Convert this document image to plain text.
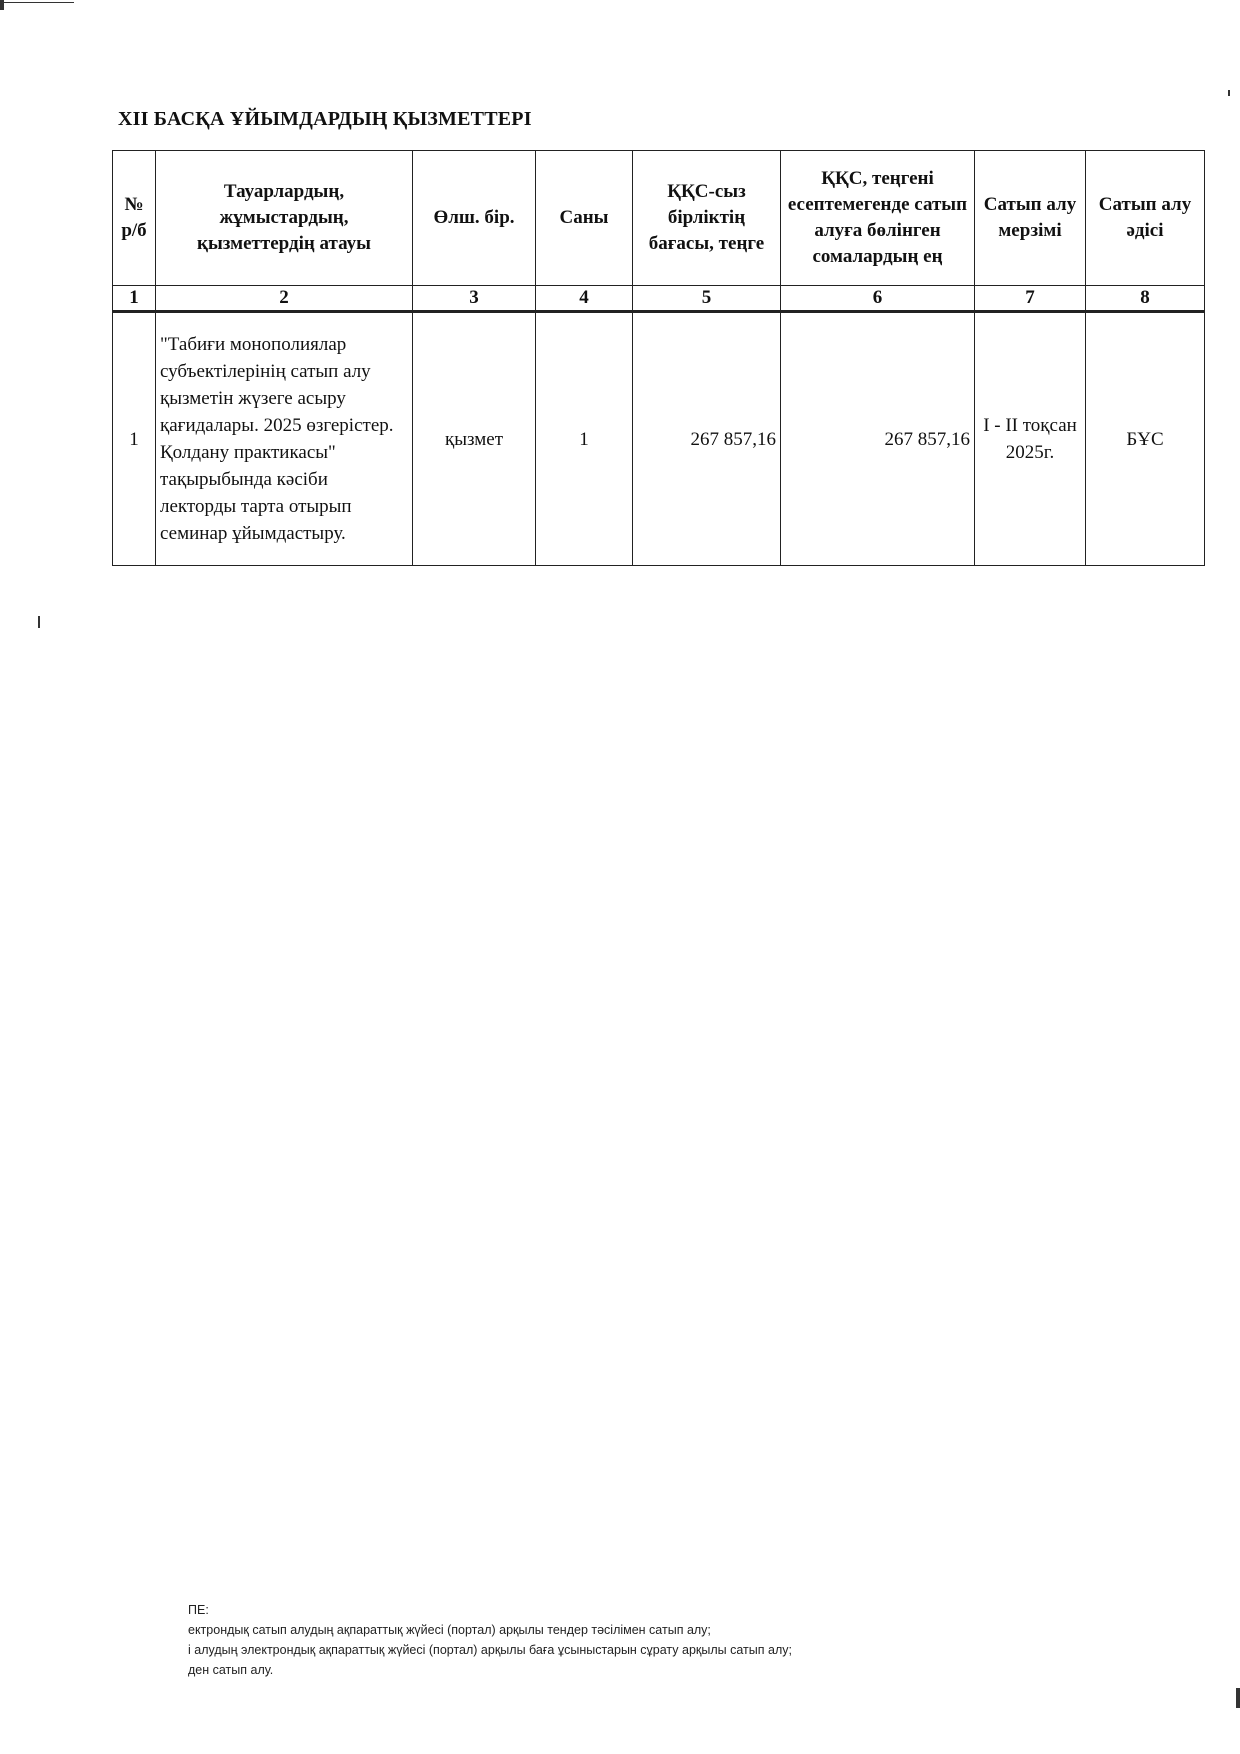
XII БАСҚА ҰЙЫМДАРДЫҢ ҚЫЗМЕТТЕРІ
№ р/б	Тауарлардың, жұмыстардың, қызметтердің атауы	Өлш. бір.	Саны	ҚҚС-сыз бірліктің бағасы, теңге	ҚҚС, теңгені есептемегенде сатып алуға бөлінген сомалардың ең	Сатып алу мерзімі	Сатып алу әдісі

1	2	3	4	5	6	7	8
1	"Табиғи монополиялар субъектілерінің сатып алу қызметін жүзеге асыру қағидалары. 2025 өзгерістер. Қолдану практикасы" тақырыбында кәсіби лекторды тарта отырып семинар ұйымдастыру.	қызмет	1	267 857,16	267 857,16	I - II тоқсан 2025г.	БҰС
ПЕ:
ектрондық сатып алудың ақпараттық жүйесі (портал) арқылы тендер тәсілімен сатып алу;
і алудың электрондық ақпараттық жүйесі (портал) арқылы баға ұсыныстарын сұрату арқылы сатып алу;
ден сатып алу.
